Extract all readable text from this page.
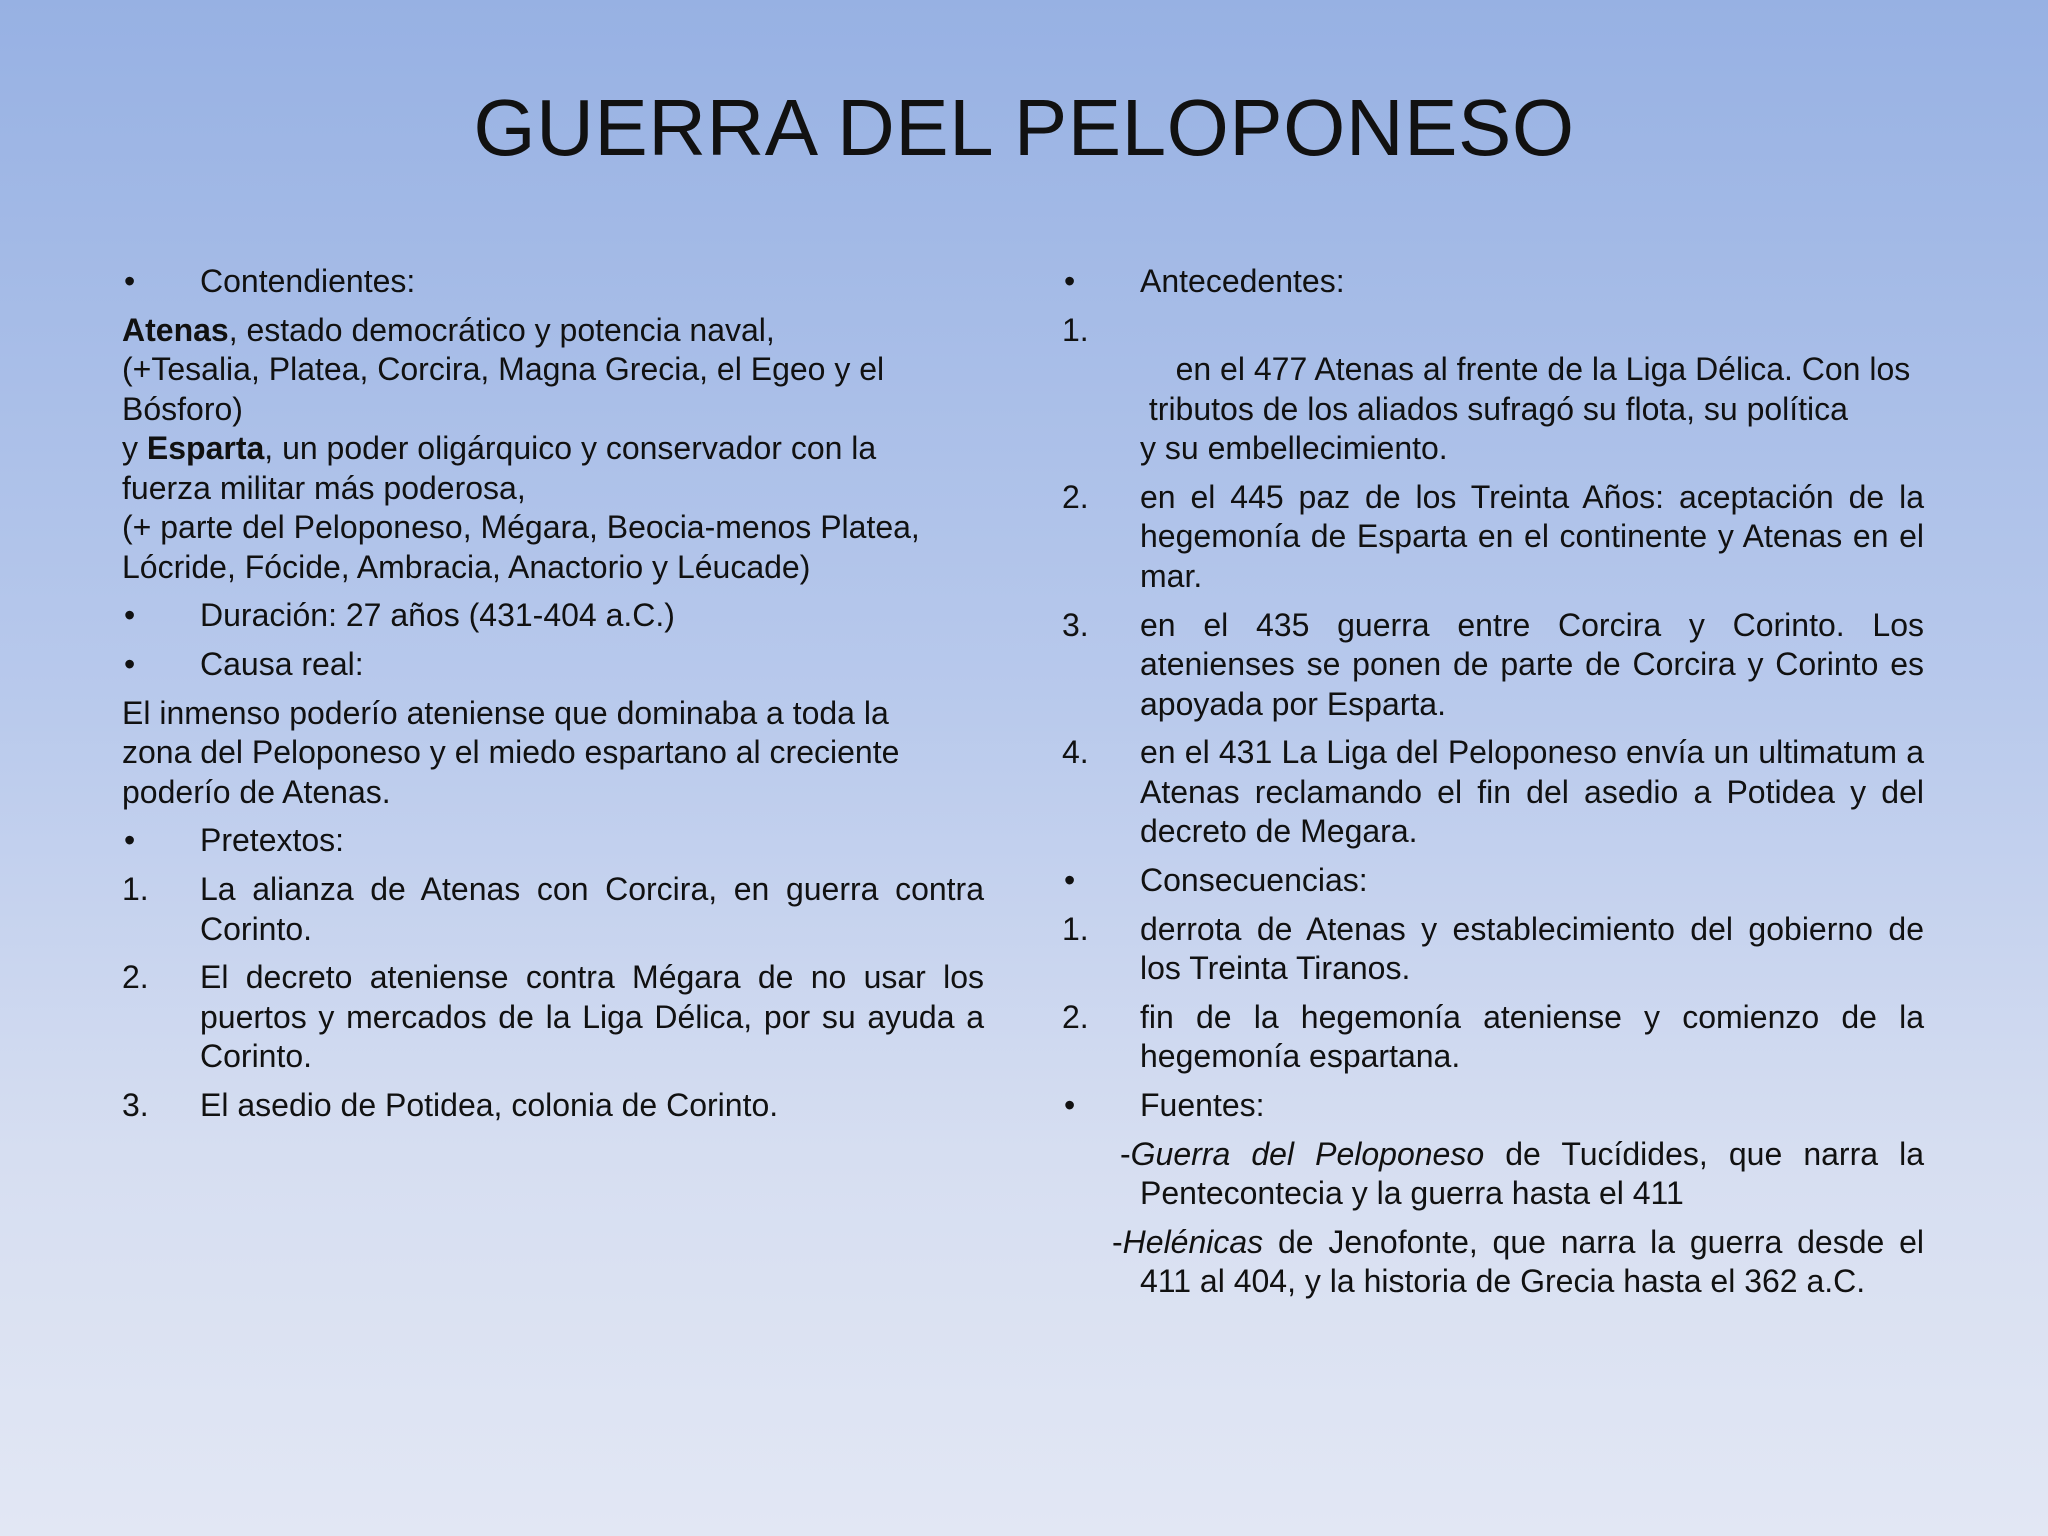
GUERRA DEL PELOPONESO
• Contendientes:
Atenas, estado democrático y potencia naval,
(+Tesalia, Platea, Corcira, Magna Grecia, el Egeo y el
Bósforo)
y Esparta, un poder oligárquico y conservador con la
fuerza militar más poderosa,
(+ parte del Peloponeso, Mégara, Beocia-menos Platea,
Lócride, Fócide, Ambracia, Anactorio y Léucade)
• Duración: 27 años (431-404 a.C.)
• Causa real:
El inmenso poderío ateniense que dominaba a toda la
zona del Peloponeso y el miedo espartano al creciente
poderío de Atenas.
• Pretextos:
1. La alianza de Atenas con Corcira, en guerra contra Corinto.
2. El decreto ateniense contra Mégara de no usar los puertos y mercados de la Liga Délica, por su ayuda a Corinto.
3. El asedio de Potidea, colonia de Corinto.
• Antecedentes:

1.
en el 477 Atenas al frente de la Liga Délica. Con los
tributos de los aliados sufragó su flota, su política
y su embellecimiento.
2. en el 445 paz de los Treinta Años: aceptación de la hegemonía de Esparta en el continente y Atenas en el mar.
3. en el 435 guerra entre Corcira y Corinto. Los atenienses se ponen de parte de Corcira y Corinto es apoyada por Esparta.
4. en el 431 La Liga del Peloponeso envía un ultimatum a Atenas reclamando el fin del asedio a Potidea y del decreto de Megara.
• Consecuencias:
1. derrota de Atenas y establecimiento del gobierno de los Treinta Tiranos.
2. fin de la hegemonía ateniense y comienzo de la hegemonía espartana.
• Fuentes:
-Guerra del Peloponeso de Tucídides, que narra la Pentecontecia y la guerra hasta el 411
-Helénicas de Jenofonte, que narra la guerra desde el 411 al 404, y la historia de Grecia hasta el 362 a.C.
